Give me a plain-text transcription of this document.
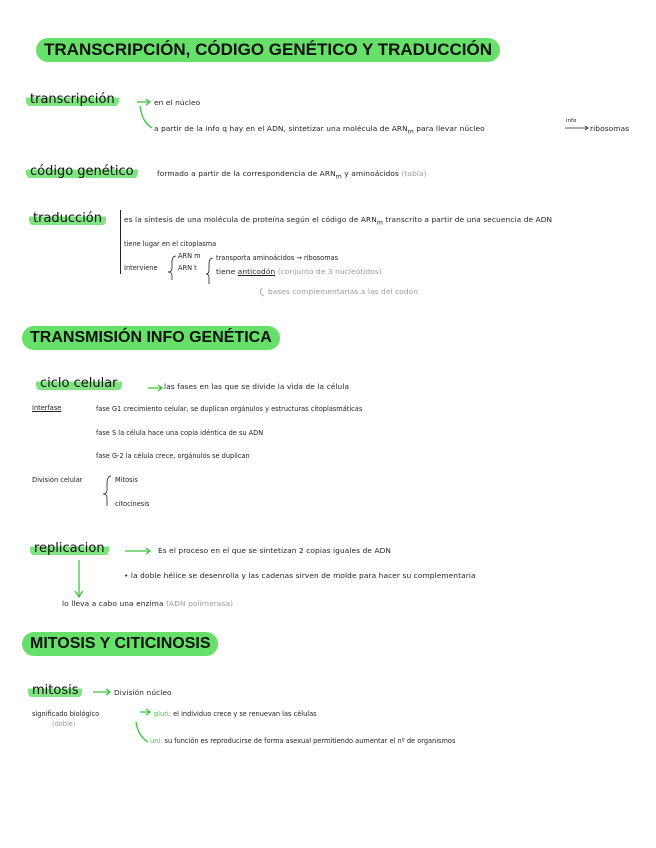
TRANSCRIPCIÓN, CÓDIGO GENÉTICO Y TRADUCCIÓN
transcripción	en el núcleo
a partir de la info q hay en el ADN, sintetizar una molécula de $ARN_m$ para llevar núcleo
info
ribosomas
código genético	formado a partir de la correspondencia de $ARN_m$ y aminoácidos (tabla)
traducción	es la síntesis de una molécula de proteína según el código de $ARN_m$ transcrito a partir de una secuencia de ADN
tiene lugar en el citoplasma
Interviene
ARN m
ARN t
transporta aminoácidos → ribosomas
tiene anticodón (conjunto de 3 nucleótidos)
bases complementarias a las del codón
TRANSMISIÓN INFO GENÉTICA
ciclo celular	las fases en las que se divide la vida de la célula
Interfase	fase G1 crecimiento celular, se duplican orgánulos y estructuras citoplasmáticas
fase S la célula hace una copia idéntica de su ADN
fase G-2 la célula crece, orgánulos se duplican
División celular	Mitosis
citocinesis
replicacion	Es el proceso en el que se sintetizan 2 copias iguales de ADN
• la doble hélice se desenrolla y las cadenas sirven de molde para hacer su complementaria
lo lleva a cabo una enzima (ADN polimerasa)
MITOSIS Y CITICINOSIS
mitosis	División núcleo
significado biológico
(doble)
pluri: el individuo crece y se renuevan las células
uni: su función es reproducirse de forma asexual permitiendo aumentar el nº de organismos
